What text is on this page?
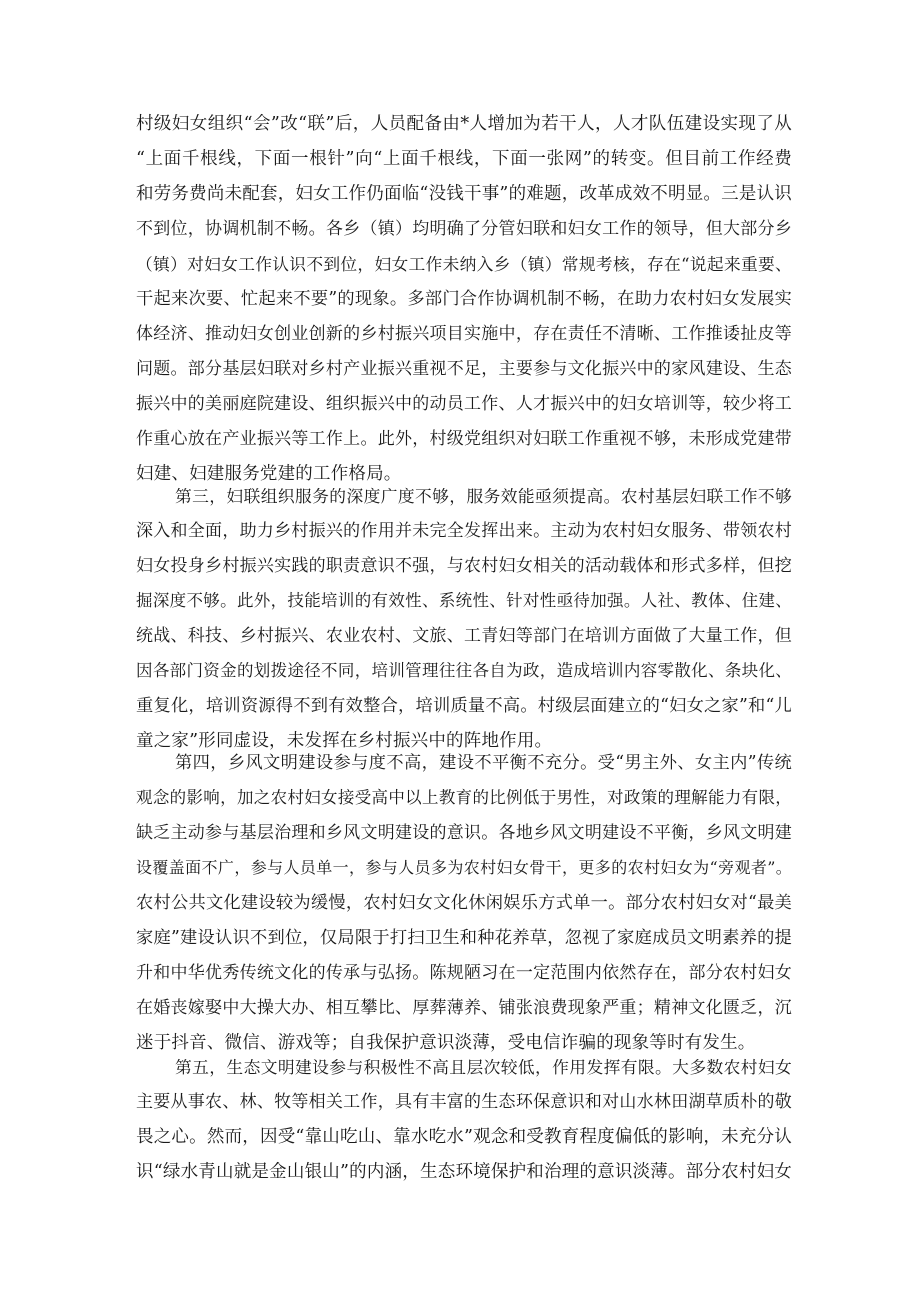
村级妇女组织“会”改“联”后，人员配备由*人增加为若干人，人才队伍建设实现了从
“上面千根线，下面一根针”向“上面千根线，下面一张网”的转变。但目前工作经费
和劳务费尚未配套，妇女工作仍面临“没钱干事”的难题，改革成效不明显。三是认识
不到位，协调机制不畅。各乡（镇）均明确了分管妇联和妇女工作的领导，但大部分乡
（镇）对妇女工作认识不到位，妇女工作未纳入乡（镇）常规考核，存在“说起来重要、
干起来次要、忙起来不要”的现象。多部门合作协调机制不畅，在助力农村妇女发展实
体经济、推动妇女创业创新的乡村振兴项目实施中，存在责任不清晰、工作推诿扯皮等
问题。部分基层妇联对乡村产业振兴重视不足，主要参与文化振兴中的家风建设、生态
振兴中的美丽庭院建设、组织振兴中的动员工作、人才振兴中的妇女培训等，较少将工
作重心放在产业振兴等工作上。此外，村级党组织对妇联工作重视不够，未形成党建带
妇建、妇建服务党建的工作格局。
第三，妇联组织服务的深度广度不够，服务效能亟须提高。农村基层妇联工作不够
深入和全面，助力乡村振兴的作用并未完全发挥出来。主动为农村妇女服务、带领农村
妇女投身乡村振兴实践的职责意识不强，与农村妇女相关的活动载体和形式多样，但挖
掘深度不够。此外，技能培训的有效性、系统性、针对性亟待加强。人社、教体、住建、
统战、科技、乡村振兴、农业农村、文旅、工青妇等部门在培训方面做了大量工作，但
因各部门资金的划拨途径不同，培训管理往往各自为政，造成培训内容零散化、条块化、
重复化，培训资源得不到有效整合，培训质量不高。村级层面建立的“妇女之家”和“儿
童之家”形同虚设，未发挥在乡村振兴中的阵地作用。
第四，乡风文明建设参与度不高，建设不平衡不充分。受“男主外、女主内”传统
观念的影响，加之农村妇女接受高中以上教育的比例低于男性，对政策的理解能力有限，
缺乏主动参与基层治理和乡风文明建设的意识。各地乡风文明建设不平衡，乡风文明建
设覆盖面不广，参与人员单一，参与人员多为农村妇女骨干，更多的农村妇女为“旁观者”。
农村公共文化建设较为缓慢，农村妇女文化休闲娱乐方式单一。部分农村妇女对“最美
家庭”建设认识不到位，仅局限于打扫卫生和种花养草，忽视了家庭成员文明素养的提
升和中华优秀传统文化的传承与弘扬。陈规陋习在一定范围内依然存在，部分农村妇女
在婚丧嫁娶中大操大办、相互攀比、厚葬薄养、铺张浪费现象严重；精神文化匮乏，沉
迷于抖音、微信、游戏等；自我保护意识淡薄，受电信诈骗的现象等时有发生。
第五，生态文明建设参与积极性不高且层次较低，作用发挥有限。大多数农村妇女
主要从事农、林、牧等相关工作，具有丰富的生态环保意识和对山水林田湖草质朴的敬
畏之心。然而，因受“靠山吃山、靠水吃水”观念和受教育程度偏低的影响，未充分认
识“绿水青山就是金山银山”的内涵，生态环境保护和治理的意识淡薄。部分农村妇女
